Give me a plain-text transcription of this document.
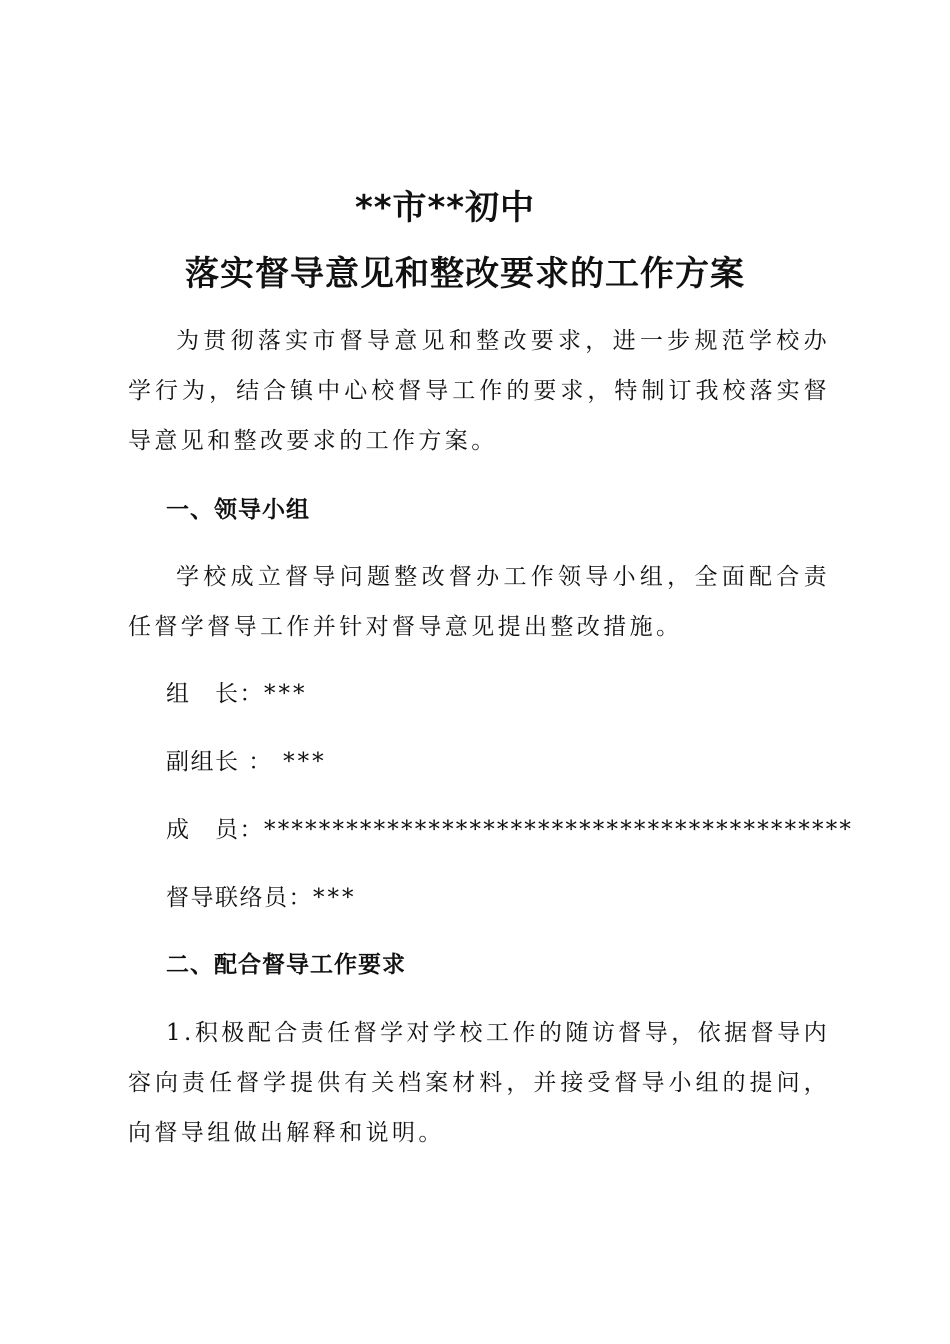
**市**初中
落实督导意见和整改要求的工作方案

为贯彻落实市督导意见和整改要求，进一步规范学校办学行为，结合镇中心校督导工作的要求，特制订我校落实督导意见和整改要求的工作方案。

一、领导小组

学校成立督导问题整改督办工作领导小组，全面配合责任督学督导工作并针对督导意见提出整改措施。

组　长：***
副组长 ： ***
成　员：*******************************************
督导联络员：***
二、配合督导工作要求

1.积极配合责任督学对学校工作的随访督导，依据督导内容向责任督学提供有关档案材料，并接受督导小组的提问，向督导组做出解释和说明。
